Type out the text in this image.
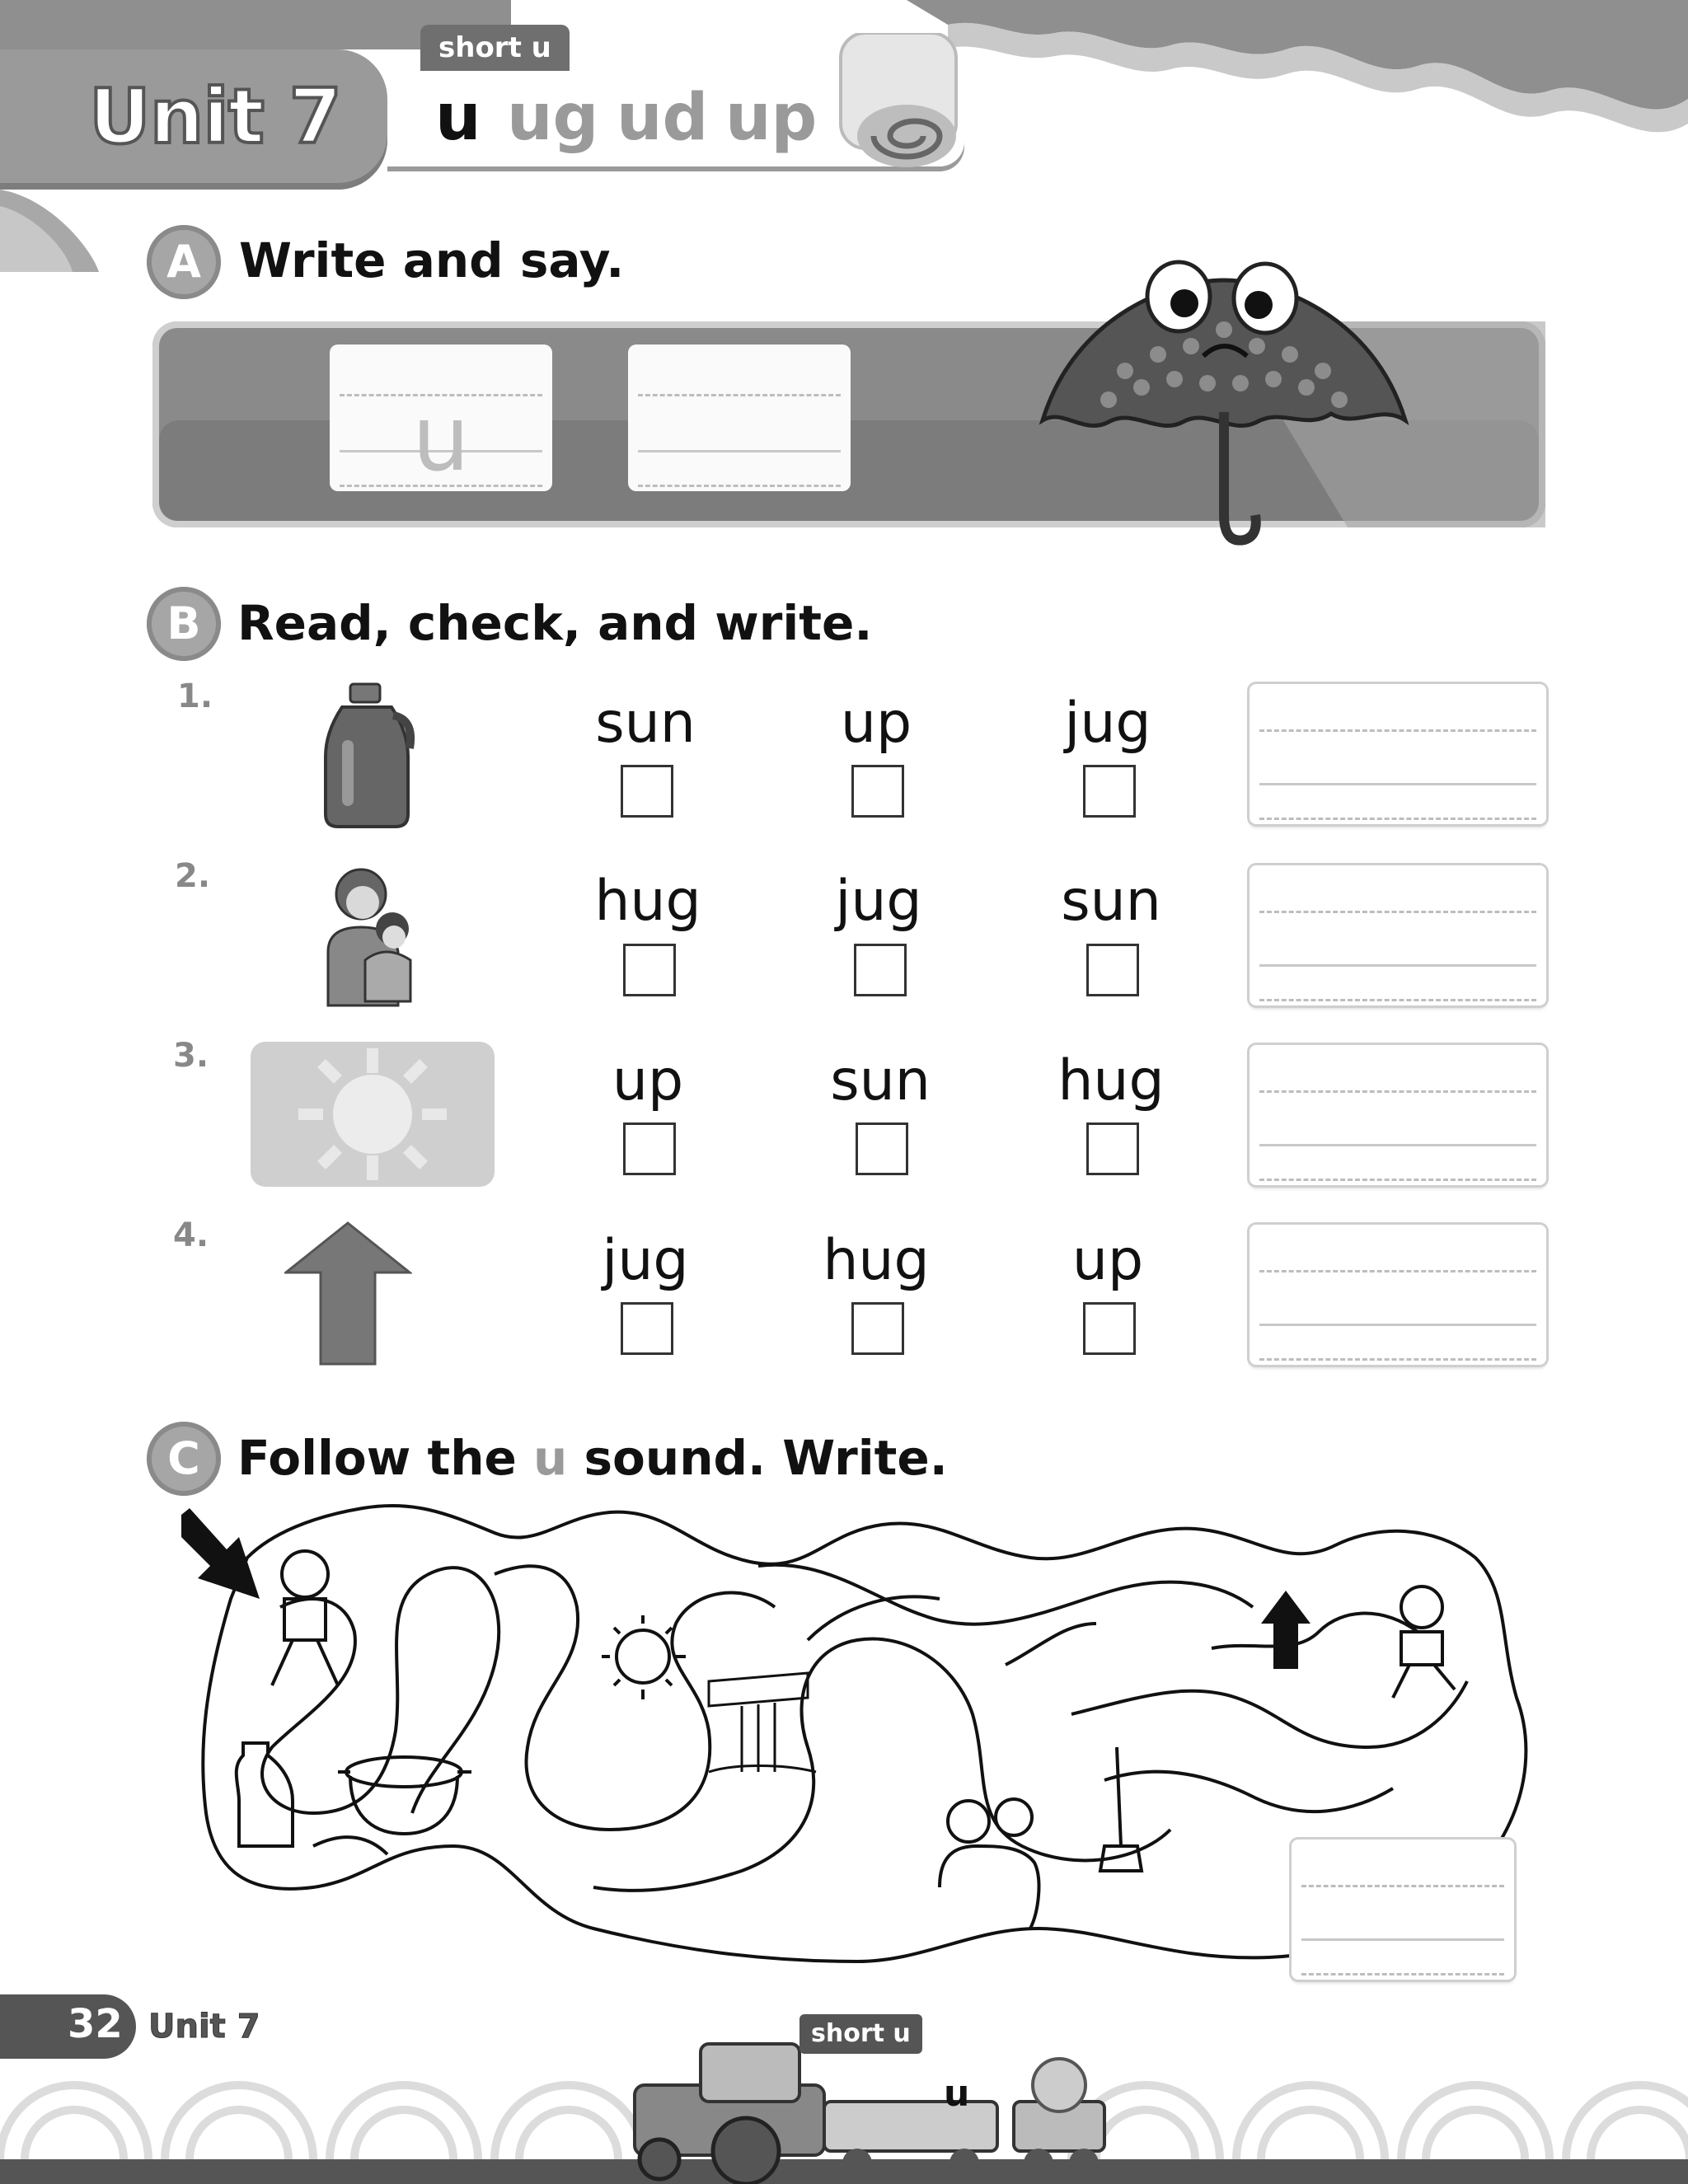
Unit 7
short u
u ug ud up
A Write and say.
u
B Read, check, and write.
1.	sun	up	jug
2.	hug	jug	sun
3.	up	sun	hug
4.	jug	hug	up
C Follow the u sound. Write.
32 Unit 7	short u
u
